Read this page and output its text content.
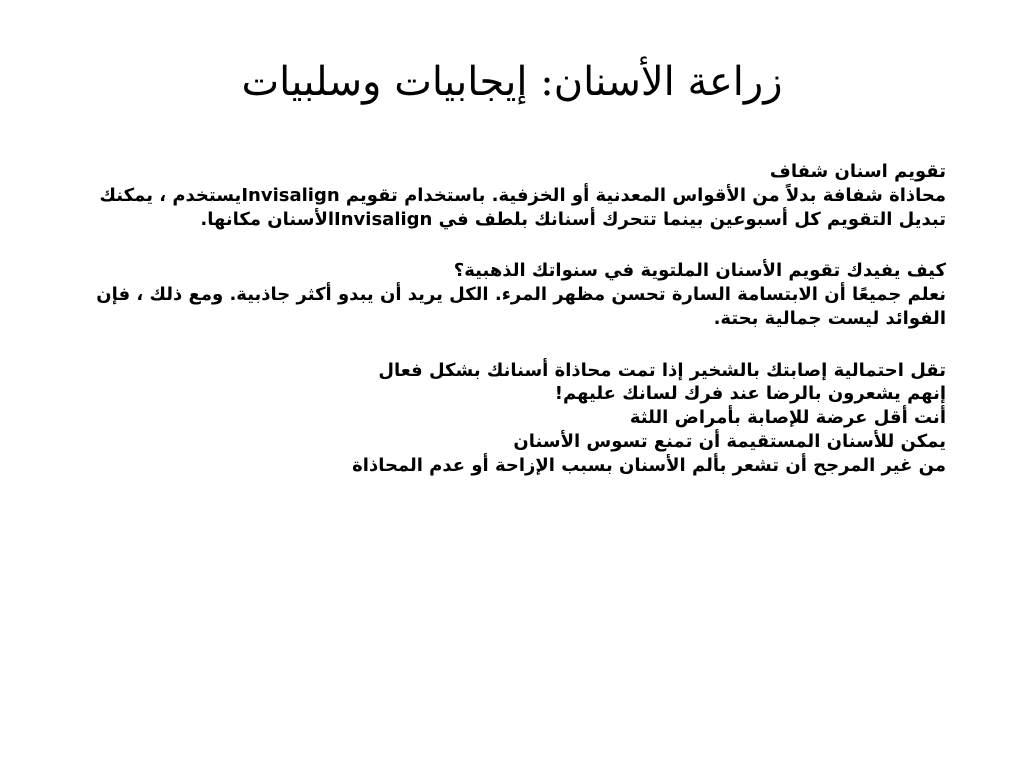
زراعة الأسنان: إيجابيات وسلبيات

تقويم اسنان شفاف

محاذاة شفافة بدلاً من الأقواس المعدنية أو الخزفية. باستخدام تقويم Invisalignيستخدم ، يمكنك تبديل التقويم كل أسبوعين بينما تتحرك أسنانك بلطف في Invisalignالأسنان مكانها.

كيف يفيدك تقويم الأسنان الملتوية في سنواتك الذهبية؟

نعلم جميعًا أن الابتسامة السارة تحسن مظهر المرء. الكل يريد أن يبدو أكثر جاذبية. ومع ذلك ، فإن الفوائد ليست جمالية بحتة.

تقل احتمالية إصابتك بالشخير إذا تمت محاذاة أسنانك بشكل فعال

إنهم يشعرون بالرضا عند فرك لسانك عليهم!

أنت أقل عرضة للإصابة بأمراض اللثة

يمكن للأسنان المستقيمة أن تمنع تسوس الأسنان

من غير المرجح أن تشعر بألم الأسنان بسبب الإزاحة أو عدم المحاذاة
